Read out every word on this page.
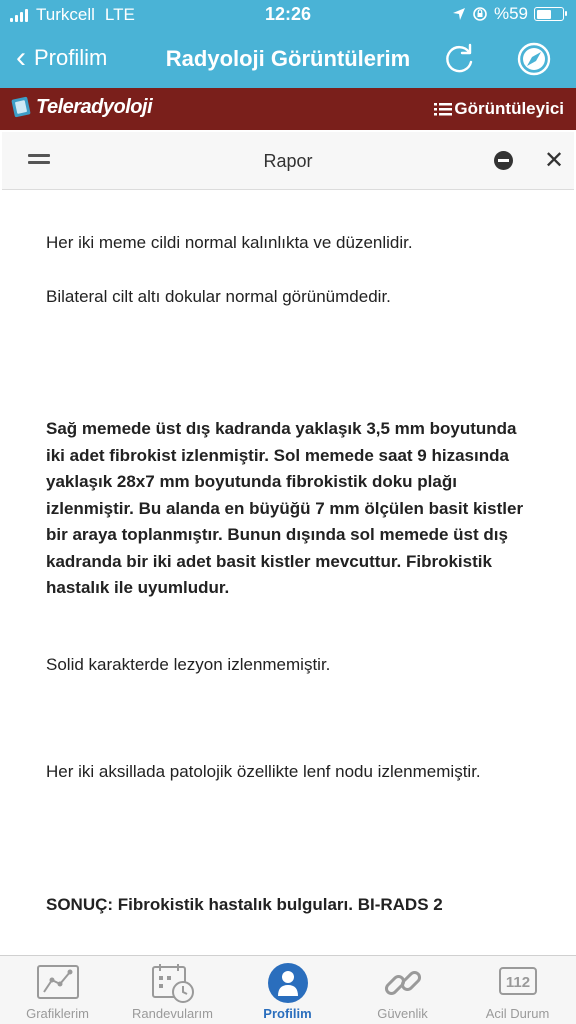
Turkcell LTE	12:26	%59
‹ Profilim	Radyoloji Görüntülerim
Teleradyoloji	Görüntüleyici
Rapor	✕

Her iki meme cildi normal kalınlıkta ve düzenlidir.

Bilateral cilt altı dokular normal görünümdedir.

Sağ memede üst dış kadranda yaklaşık 3,5 mm boyutunda iki adet fibrokist izlenmiştir. Sol memede saat 9 hizasında yaklaşık 28x7 mm boyutunda fibrokistik doku plağı izlenmiştir. Bu alanda en büyüğü 7 mm ölçülen basit kistler bir araya toplanmıştır. Bunun dışında sol memede üst dış kadranda bir iki adet basit kistler mevcuttur. Fibrokistik hastalık ile uyumludur.

Solid karakterde lezyon izlenmemiştir.

Her iki aksillada patolojik özellikte lenf nodu izlenmemiştir.

SONUÇ: Fibrokistik hastalık bulguları. BI-RADS 2

Grafiklerim	Randevularım	Profilim	Güvenlik
112
Acil Durum
